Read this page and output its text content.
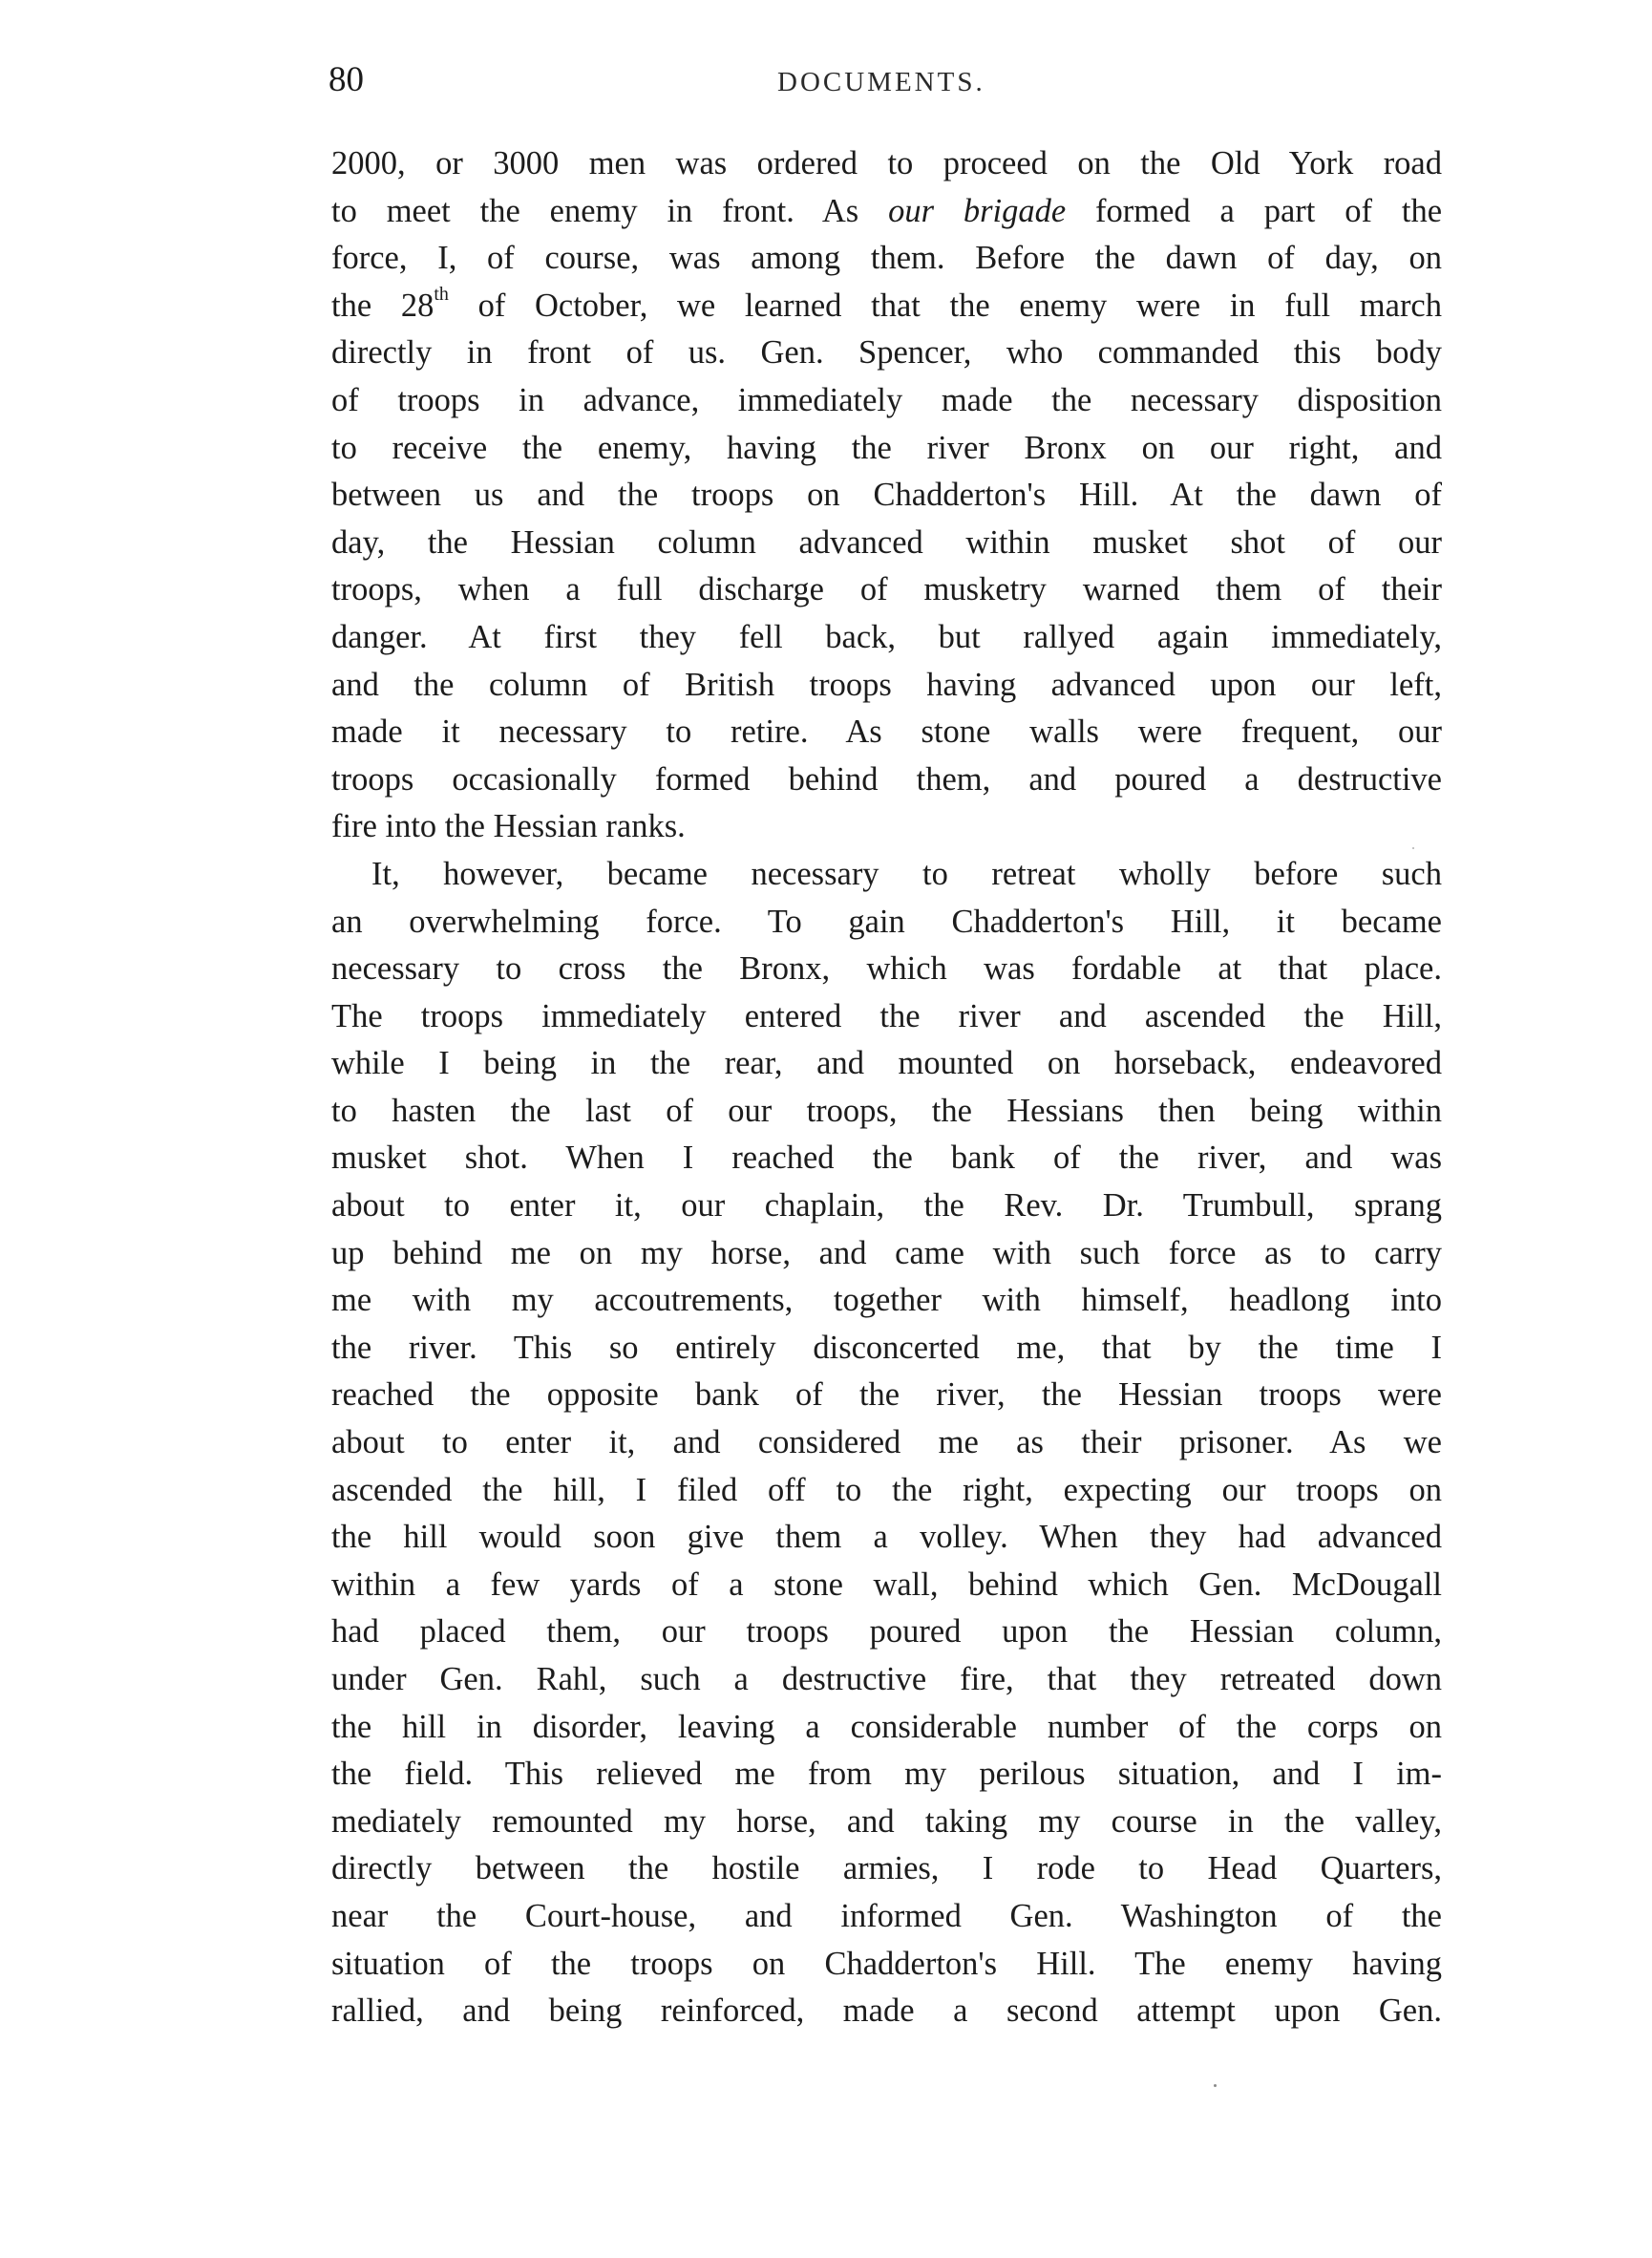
80	DOCUMENTS.
2000, or 3000 men was ordered to proceed on the Old York road
to meet the enemy in front. As our brigade formed a part of the
force, I, of course, was among them. Before the dawn of day, on
the 28th of October, we learned that the enemy were in full march
directly in front of us. Gen. Spencer, who commanded this body
of troops in advance, immediately made the necessary disposition
to receive the enemy, having the river Bronx on our right, and
between us and the troops on Chadderton's Hill. At the dawn of
day, the Hessian column advanced within musket shot of our
troops, when a full discharge of musketry warned them of their
danger. At first they fell back, but rallyed again immediately,
and the column of British troops having advanced upon our left,
made it necessary to retire. As stone walls were frequent, our
troops occasionally formed behind them, and poured a destructive
fire into the Hessian ranks.
It, however, became necessary to retreat wholly before such
an overwhelming force. To gain Chadderton's Hill, it became
necessary to cross the Bronx, which was fordable at that place.
The troops immediately entered the river and ascended the Hill,
while I being in the rear, and mounted on horseback, endeavored
to hasten the last of our troops, the Hessians then being within
musket shot. When I reached the bank of the river, and was
about to enter it, our chaplain, the Rev. Dr. Trumbull, sprang
up behind me on my horse, and came with such force as to carry
me with my accoutrements, together with himself, headlong into
the river. This so entirely disconcerted me, that by the time I
reached the opposite bank of the river, the Hessian troops were
about to enter it, and considered me as their prisoner. As we
ascended the hill, I filed off to the right, expecting our troops on
the hill would soon give them a volley. When they had advanced
within a few yards of a stone wall, behind which Gen. McDougall
had placed them, our troops poured upon the Hessian column,
under Gen. Rahl, such a destructive fire, that they retreated down
the hill in disorder, leaving a considerable number of the corps on
the field. This relieved me from my perilous situation, and I im-
mediately remounted my horse, and taking my course in the valley,
directly between the hostile armies, I rode to Head Quarters,
near the Court-house, and informed Gen. Washington of the
situation of the troops on Chadderton's Hill. The enemy having
rallied, and being reinforced, made a second attempt upon Gen.
